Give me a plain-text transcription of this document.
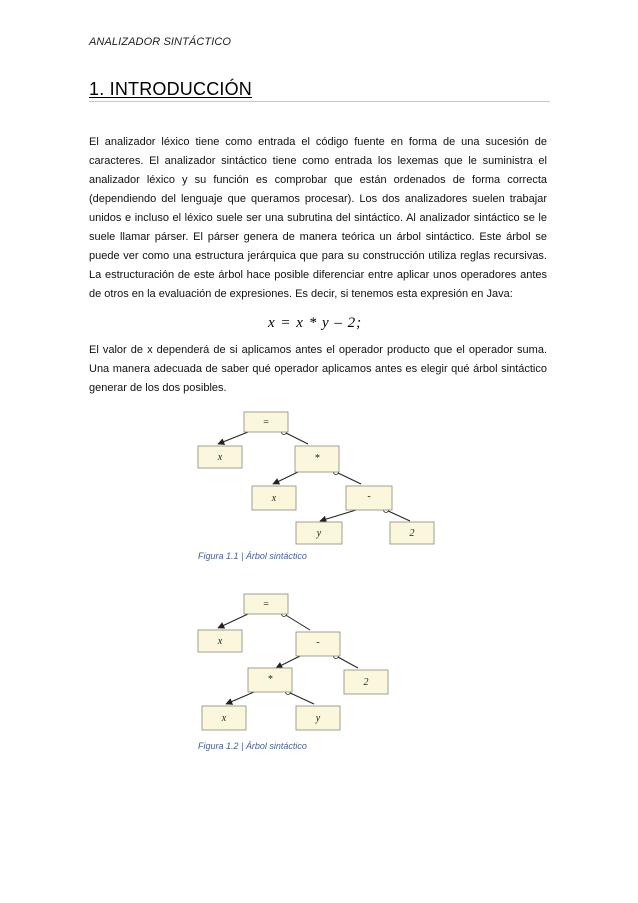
ANALIZADOR SINTÁCTICO
1. INTRODUCCIÓN
El analizador léxico tiene como entrada el código fuente en forma de una sucesión de caracteres. El analizador sintáctico tiene como entrada los lexemas que le suministra el analizador léxico y su función es comprobar que están ordenados de forma correcta (dependiendo del lenguaje que queramos procesar). Los dos analizadores suelen trabajar unidos e incluso el léxico suele ser una subrutina del sintáctico. Al analizador sintáctico se le suele llamar párser. El párser genera de manera teórica un árbol sintáctico. Este árbol se puede ver como una estructura jerárquica que para su construcción utiliza reglas recursivas. La estructuración de este árbol hace posible diferenciar entre aplicar unos operadores antes de otros en la evaluación de expresiones. Es decir, si tenemos esta expresión en Java:
x = x * y – 2;
El valor de x dependerá de si aplicamos antes el operador producto que el operador suma. Una manera adecuada de saber qué operador aplicamos antes es elegir qué árbol sintáctico generar de los dos posibles.
=
x	*
x	-
y	2
Figura 1.1 | Árbol sintáctico
=
x	-
*	2
x	y
Figura 1.2 | Árbol sintáctico
